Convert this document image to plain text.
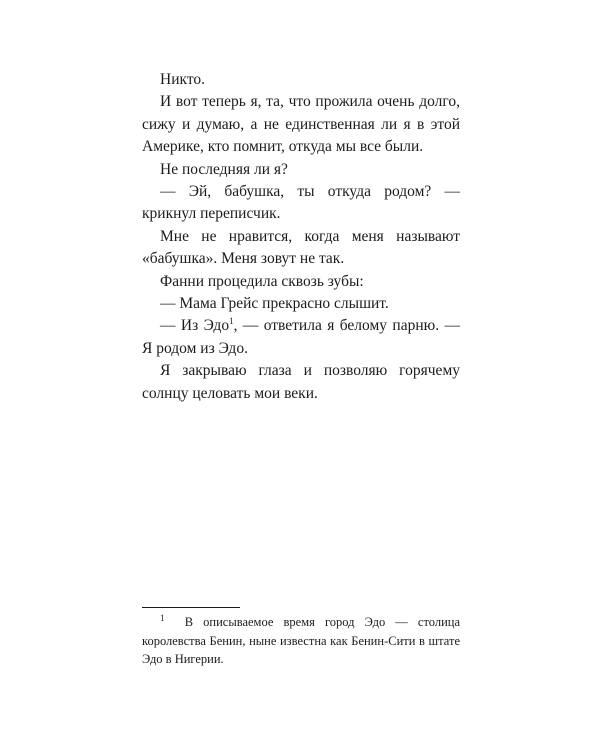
Никто.

И вот теперь я, та, что прожила очень долго, сижу и думаю, а не единственная ли я в этой Америке, кто помнит, откуда мы все были.

Не последняя ли я?

— Эй, бабушка, ты откуда родом? — крикнул переписчик.

Мне не нравится, когда меня называют «бабушка». Меня зовут не так.

Фанни процедила сквозь зубы:

— Мама Грейс прекрасно слышит.

— Из Эдо$^1$, — ответила я белому парню. — Я родом из Эдо.

Я закрываю глаза и позволяю горячему солнцу целовать мои веки.

$^1$ В описываемое время город Эдо — столица королевства Бенин, ныне известна как Бенин-Сити в штате Эдо в Нигерии.
